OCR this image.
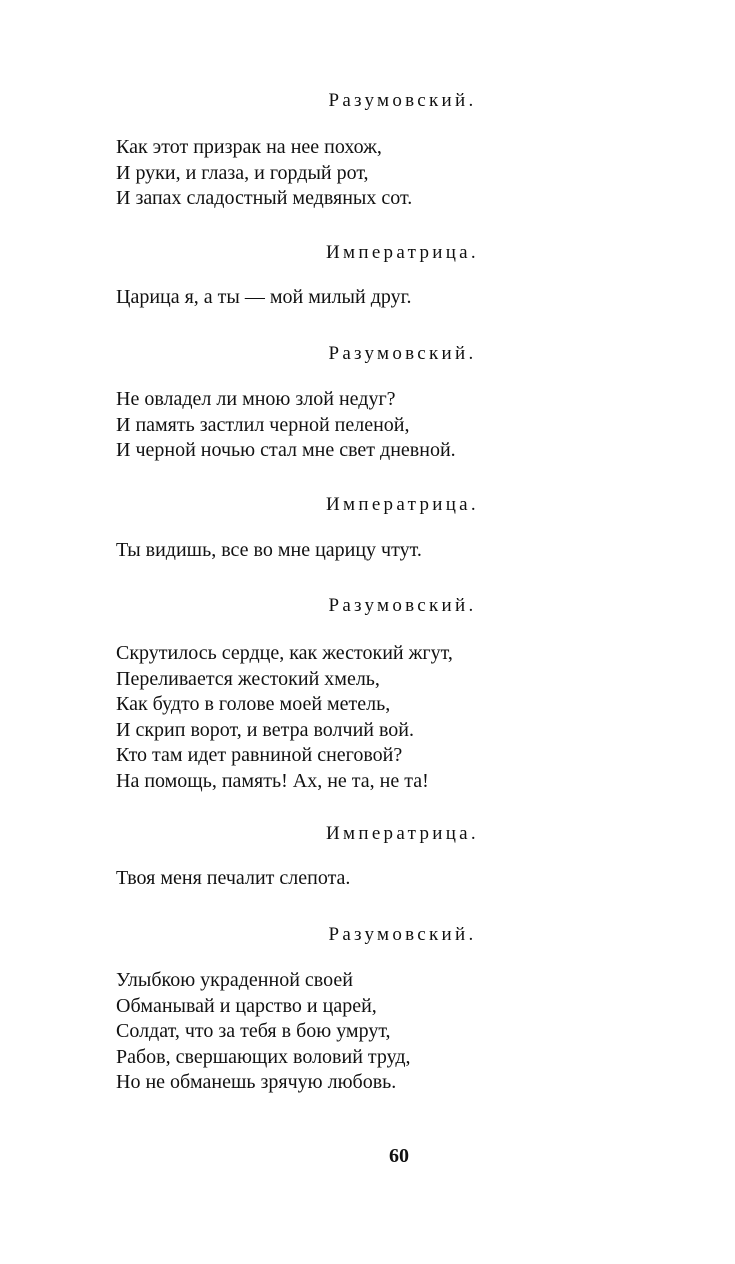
Разумовский.
Как этот призрак на нее похож,
И руки, и глаза, и гордый рот,
И запах сладостный медвяных сот.
Императрица.
Царица я, а ты — мой милый друг.
Разумовский.
Не овладел ли мною злой недуг?
И память застлил черной пеленой,
И черной ночью стал мне свет дневной.
Императрица.
Ты видишь, все во мне царицу чтут.
Разумовский.
Скрутилось сердце, как жестокий жгут,
Переливается жестокий хмель,
Как будто в голове моей метель,
И скрип ворот, и ветра волчий вой.
Кто там идет равниной снеговой?
На помощь, память! Ах, не та, не та!
Императрица.
Твоя меня печалит слепота.
Разумовский.
Улыбкою украденной своей
Обманывай и царство и царей,
Солдат, что за тебя в бою умрут,
Рабов, свершающих воловий труд,
Но не обманешь зрячую любовь.
60
